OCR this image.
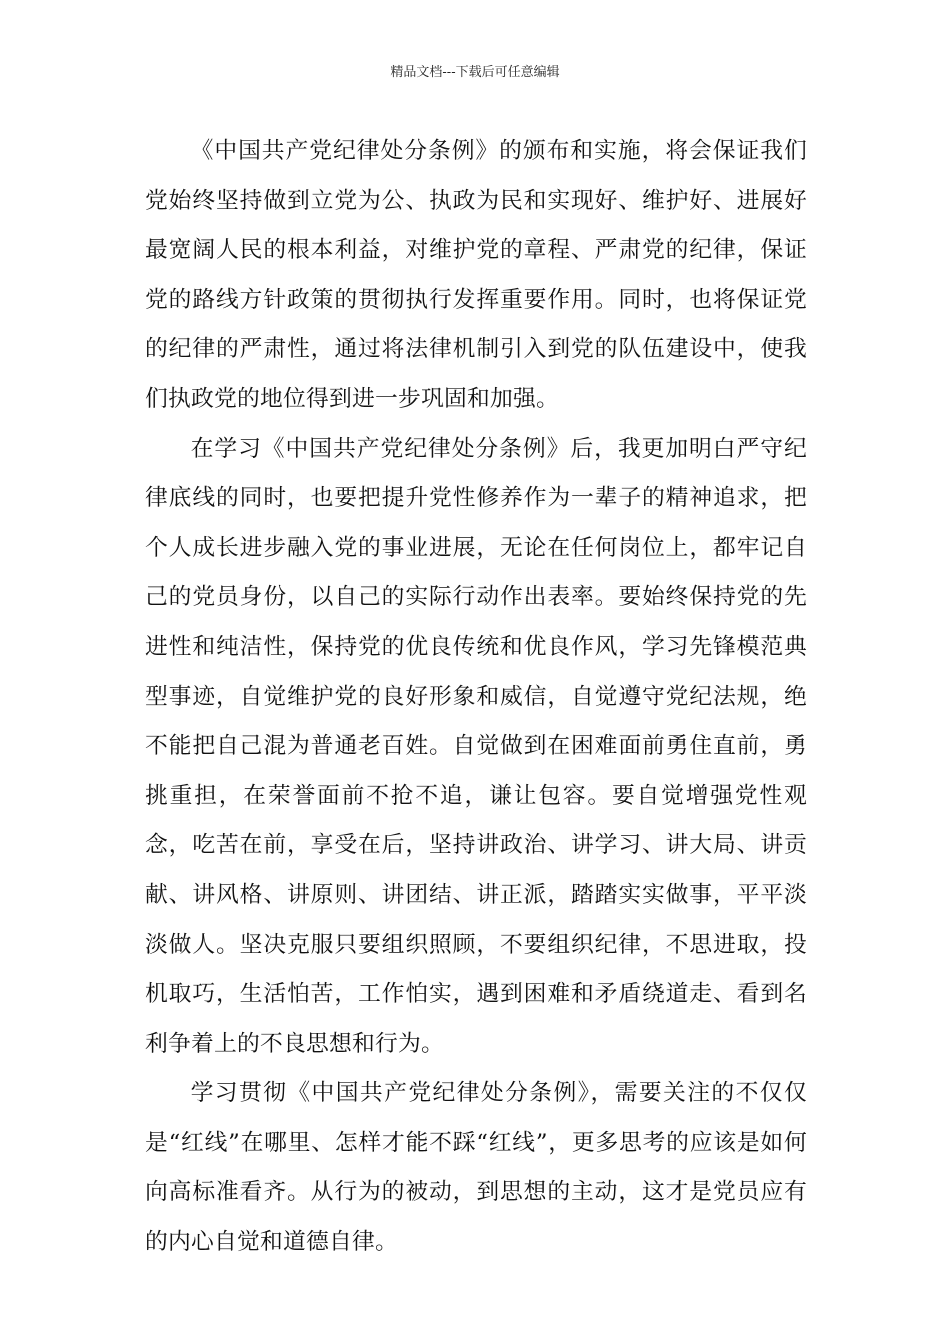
精品文档---下载后可任意编辑

《中国共产党纪律处分条例》的颁布和实施，将会保证我们党始终坚持做到立党为公、执政为民和实现好、维护好、进展好最宽阔人民的根本利益，对维护党的章程、严肃党的纪律，保证党的路线方针政策的贯彻执行发挥重要作用。同时，也将保证党的纪律的严肃性，通过将法律机制引入到党的队伍建设中，使我们执政党的地位得到进一步巩固和加强。

在学习《中国共产党纪律处分条例》后，我更加明白严守纪律底线的同时，也要把提升党性修养作为一辈子的精神追求，把个人成长进步融入党的事业进展，无论在任何岗位上，都牢记自己的党员身份，以自己的实际行动作出表率。要始终保持党的先进性和纯洁性，保持党的优良传统和优良作风，学习先锋模范典型事迹，自觉维护党的良好形象和威信，自觉遵守党纪法规，绝不能把自己混为普通老百姓。自觉做到在困难面前勇住直前，勇挑重担，在荣誉面前不抢不追，谦让包容。要自觉增强党性观念，吃苦在前，享受在后，坚持讲政治、讲学习、讲大局、讲贡献、讲风格、讲原则、讲团结、讲正派，踏踏实实做事，平平淡淡做人。坚决克服只要组织照顾，不要组织纪律，不思进取，投机取巧，生活怕苦，工作怕实，遇到困难和矛盾绕道走、看到名利争着上的不良思想和行为。

学习贯彻《中国共产党纪律处分条例》，需要关注的不仅仅是“红线”在哪里、怎样才能不踩“红线”，更多思考的应该是如何向高标准看齐。从行为的被动，到思想的主动，这才是党员应有的内心自觉和道德自律。
